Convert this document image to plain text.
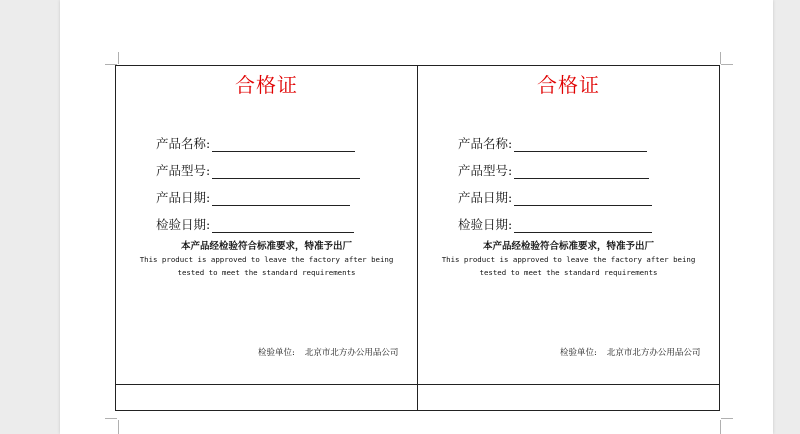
合格证
产品名称:
产品型号:
产品日期:
检验日期:
本产品经检验符合标准要求，特准予出厂
This product is approved to leave the factory after being
tested to meet the standard requirements
检验单位: 北京市北方办公用品公司
合格证
产品名称:
产品型号:
产品日期:
检验日期:
本产品经检验符合标准要求，特准予出厂
This product is approved to leave the factory after being
tested to meet the standard requirements
检验单位: 北京市北方办公用品公司
